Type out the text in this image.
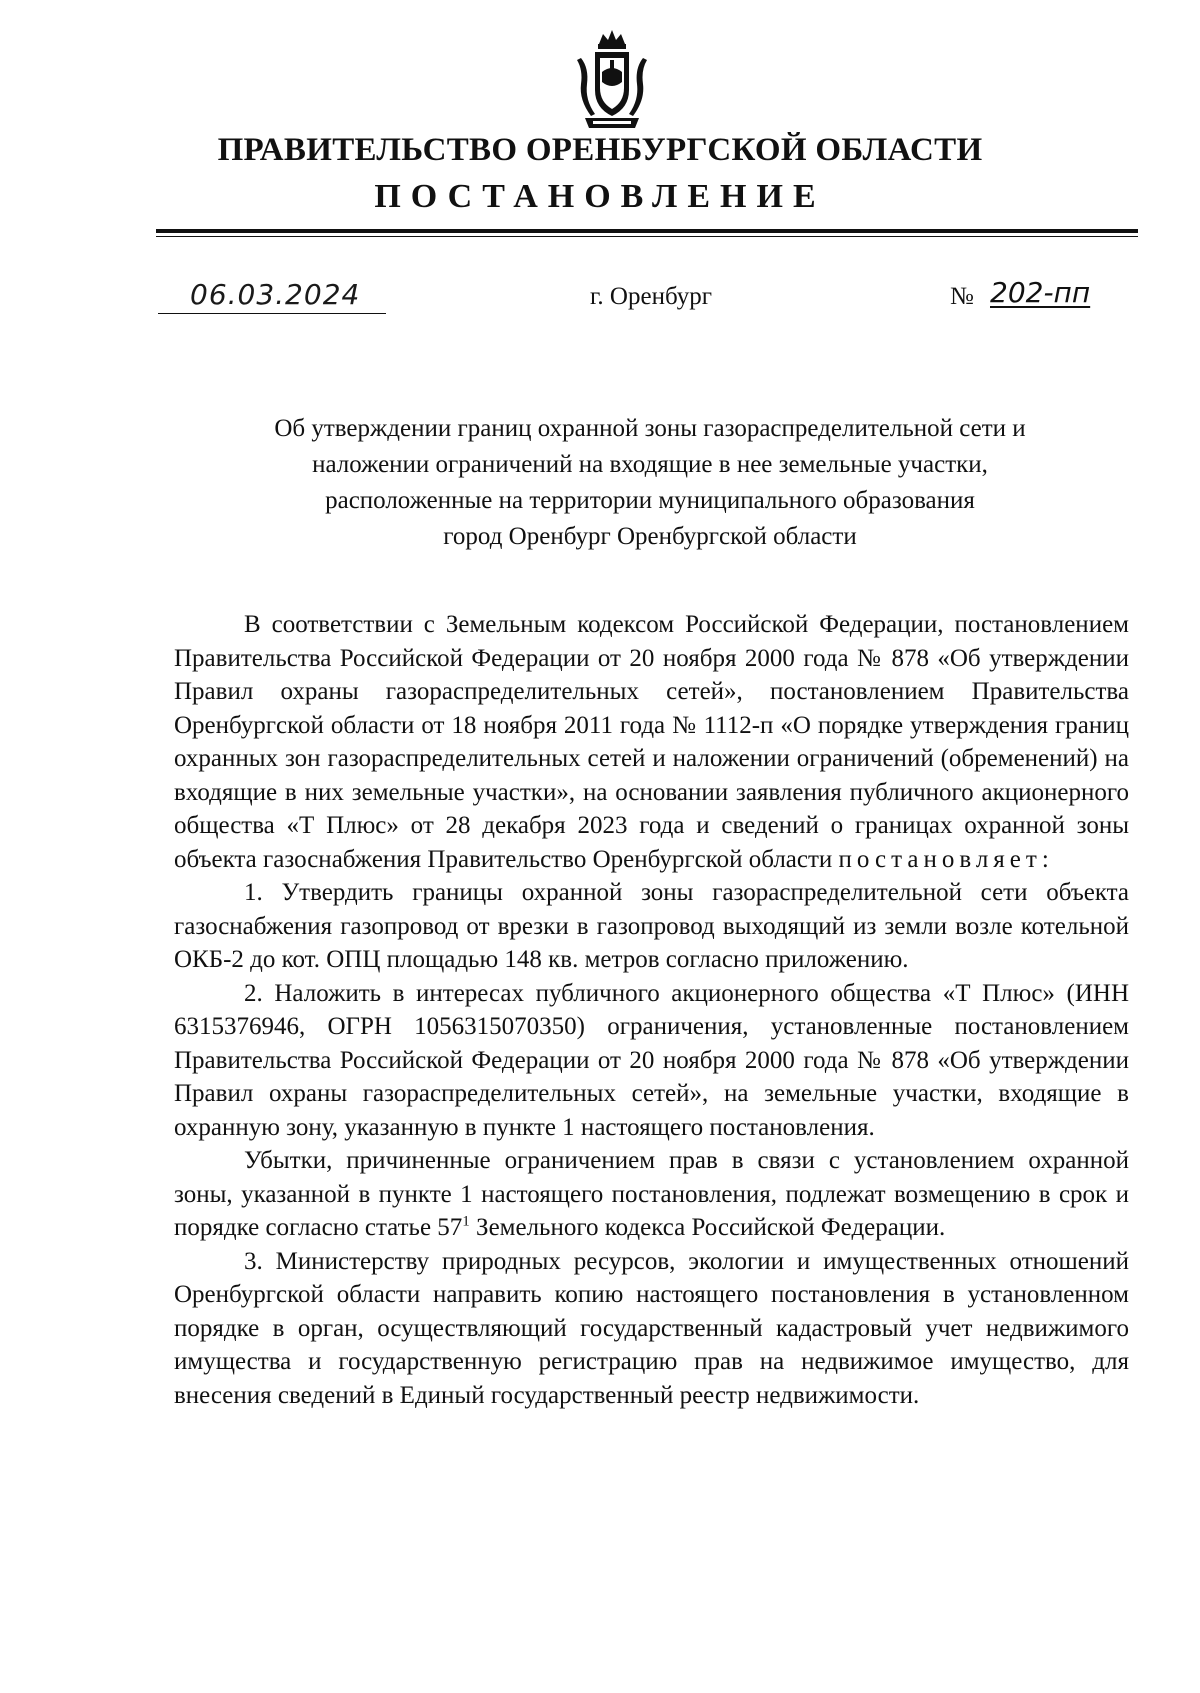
ПРАВИТЕЛЬСТВО ОРЕНБУРГСКОЙ ОБЛАСТИ
ПОСТАНОВЛЕНИЕ
06.03.2024	г. Оренбург	№ 202-пп
Об утверждении границ охранной зоны газораспределительной сети и
наложении ограничений на входящие в нее земельные участки,
расположенные на территории муниципального образования
город Оренбург Оренбургской области

В соответствии с Земельным кодексом Российской Федерации, постановлением Правительства Российской Федерации от 20 ноября 2000 года № 878 «Об утверждении Правил охраны газораспределительных сетей», постановлением Правительства Оренбургской области от 18 ноября 2011 года № 1112-п «О порядке утверждения границ охранных зон газораспределительных сетей и наложении ограничений (обременений) на входящие в них земельные участки», на основании заявления публичного акционерного общества «Т Плюс» от 28 декабря 2023 года и сведений о границах охранной зоны объекта газоснабжения Правительство Оренбургской области постановляет:

1. Утвердить границы охранной зоны газораспределительной сети объекта газоснабжения газопровод от врезки в газопровод выходящий из земли возле котельной ОКБ-2 до кот. ОПЦ площадью 148 кв. метров согласно приложению.

2. Наложить в интересах публичного акционерного общества «Т Плюс» (ИНН 6315376946, ОГРН 1056315070350) ограничения, установленные постановлением Правительства Российской Федерации от 20 ноября 2000 года № 878 «Об утверждении Правил охраны газораспределительных сетей», на земельные участки, входящие в охранную зону, указанную в пункте 1 настоящего постановления.

Убытки, причиненные ограничением прав в связи с установлением охранной зоны, указанной в пункте 1 настоящего постановления, подлежат возмещению в срок и порядке согласно статье $57^1$ Земельного кодекса Российской Федерации.

3. Министерству природных ресурсов, экологии и имущественных отношений Оренбургской области направить копию настоящего постановления в установленном порядке в орган, осуществляющий государственный кадастровый учет недвижимого имущества и государственную регистрацию прав на недвижимое имущество, для внесения сведений в Единый государственный реестр недвижимости.
